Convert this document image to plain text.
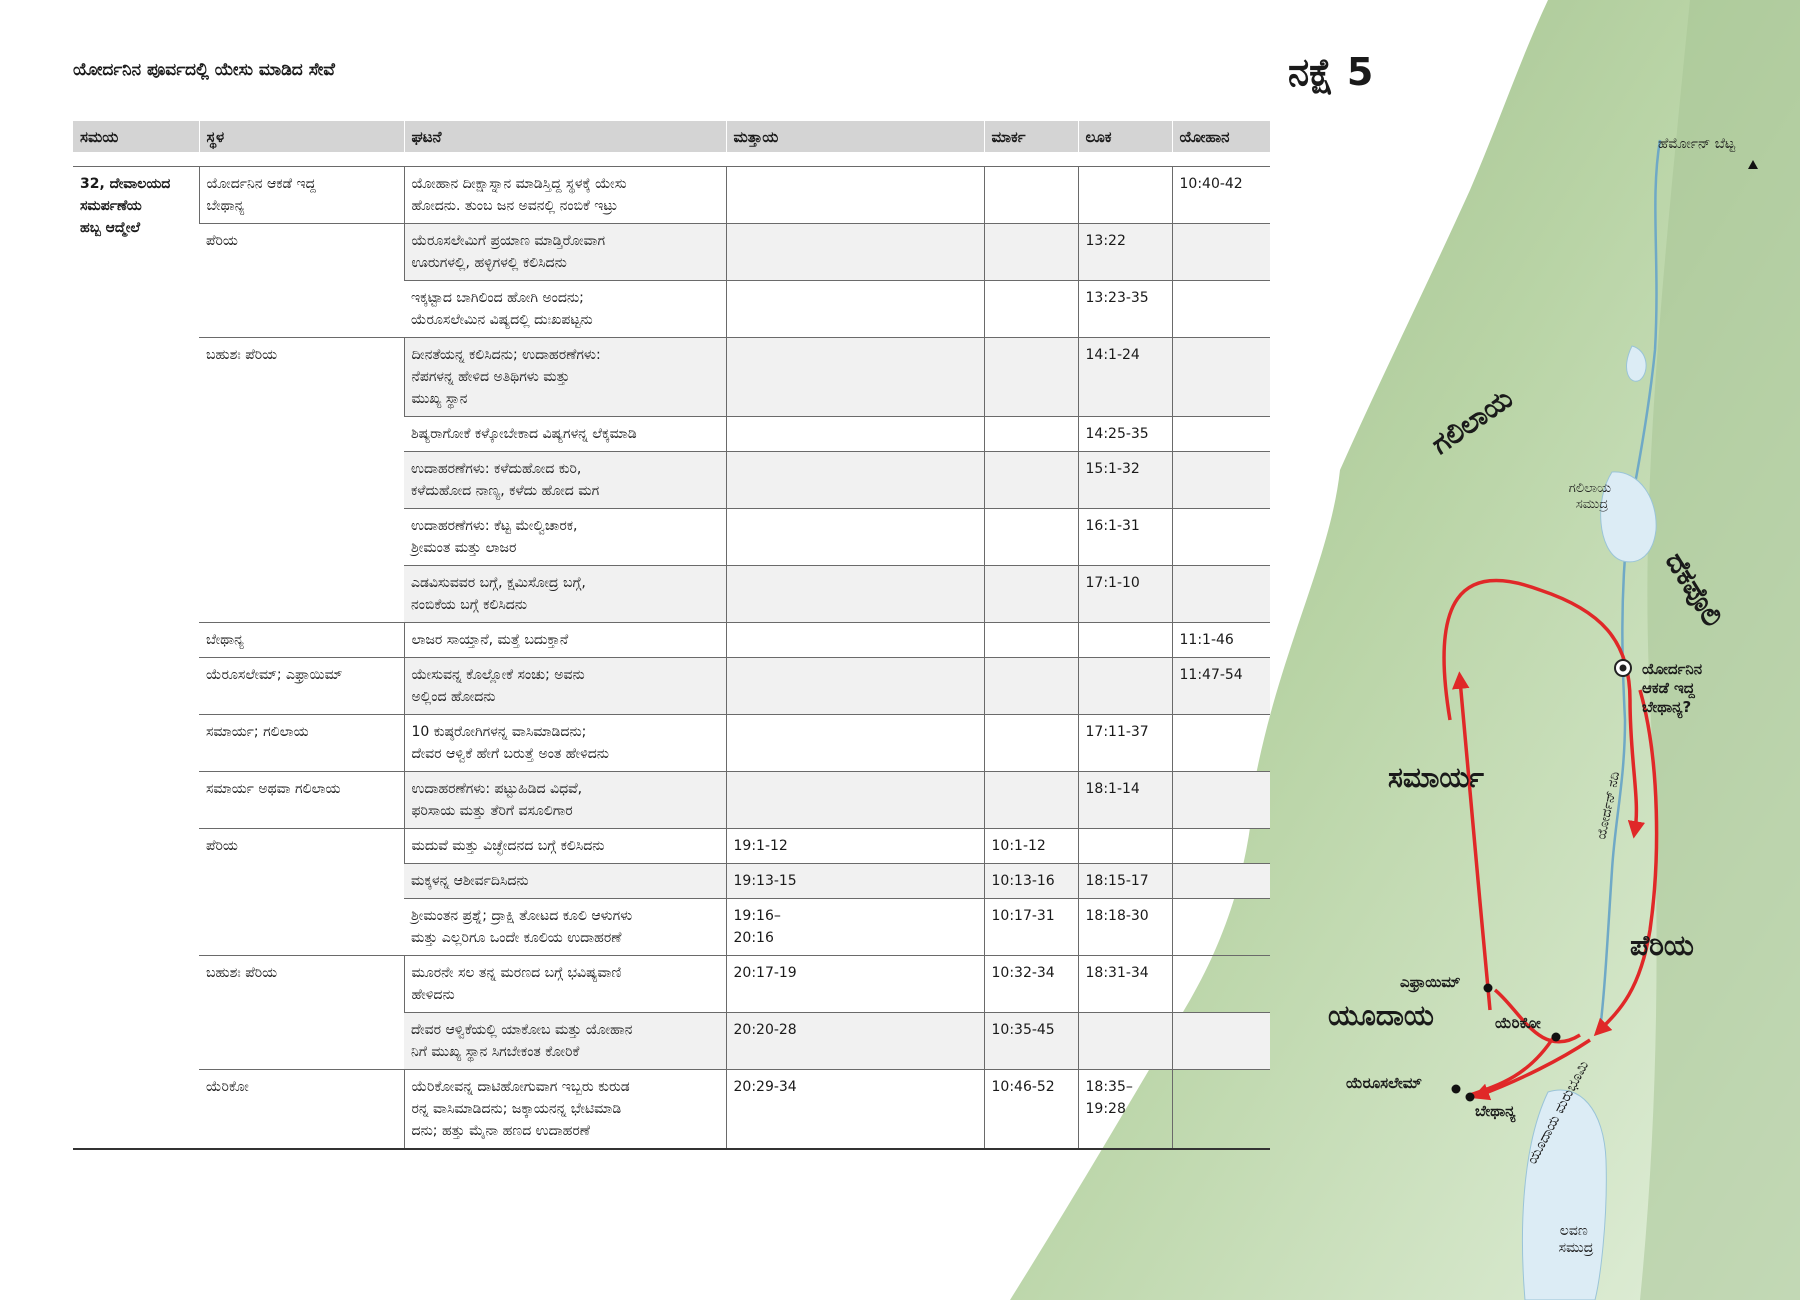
ಹೆರ್ಮೋನ್ ಬೆಟ್ಟ
ಗಲಿಲಾಯ
ಗಲಿಲಾಯ ಸಮುದ್ರ
ದೆಕಪೊಲಿ
ಯೋರ್ದನಿನ ಆಕಡೆ ಇದ್ದ ಬೇಥಾನ್ಯ?
ಸಮಾರ್ಯ	ಯೋರ್ದನ್ ನದಿ
ಪೆರಿಯ
ಎಫ್ರಾಯಿಮ್
ಯೂದಾಯ	ಯೆರಿಕೋ
ಯೆರೂಸಲೇಮ್
ಬೇಥಾನ್ಯ ಯೂದಾಯ ಮರುಭೂಮಿ
ಲವಣ ಸಮುದ್ರ
ಯೋರ್ದನಿನ ಪೂರ್ವದಲ್ಲಿ ಯೇಸು ಮಾಡಿದ ಸೇವೆ	ನಕ್ಷೆ 5
ಸಮಯ	ಸ್ಥಳ	ಘಟನೆ	ಮತ್ತಾಯ	ಮಾರ್ಕ	ಲೂಕ	ಯೋಹಾನ

32, ದೇವಾಲಯದ
ಸಮರ್ಪಣೆಯ
ಹಬ್ಬ ಆದ್ಮೇಲೆ	ಯೋರ್ದನಿನ ಆಕಡೆ ಇದ್ದ
ಬೇಥಾನ್ಯ	ಯೋಹಾನ ದೀಕ್ಷಾಸ್ನಾನ ಮಾಡಿಸ್ತಿದ್ದ ಸ್ಥಳಕ್ಕೆ ಯೇಸು
ಹೋದನು. ತುಂಬ ಜನ ಅವನಲ್ಲಿ ನಂಬಿಕೆ ಇಟ್ರು				10:40-42
	ಪೆರಿಯ	ಯೆರೂಸಲೇಮಿಗೆ ಪ್ರಯಾಣ ಮಾಡ್ತಿರೋವಾಗ
ಊರುಗಳಲ್ಲಿ, ಹಳ್ಳಿಗಳಲ್ಲಿ ಕಲಿಸಿದನು			13:22	
		ಇಕ್ಕಟ್ಟಾದ ಬಾಗಿಲಿಂದ ಹೋಗಿ ಅಂದನು;
ಯೆರೂಸಲೇಮಿನ ವಿಷ್ಯದಲ್ಲಿ ದುಃಖಪಟ್ಟನು			13:23-35	
	ಬಹುಶಃ ಪೆರಿಯ	ದೀನತೆಯನ್ನ ಕಲಿಸಿದನು; ಉದಾಹರಣೆಗಳು:
ನೆಪಗಳನ್ನ ಹೇಳಿದ ಅತಿಥಿಗಳು ಮತ್ತು
ಮುಖ್ಯ ಸ್ಥಾನ			14:1-24	
		ಶಿಷ್ಯರಾಗೋಕೆ ಕಳ್ಕೋಬೇಕಾದ ವಿಷ್ಯಗಳನ್ನ ಲೆಕ್ಕಮಾಡಿ			14:25-35	
		ಉದಾಹರಣೆಗಳು: ಕಳೆದುಹೋದ ಕುರಿ,
ಕಳೆದುಹೋದ ನಾಣ್ಯ, ಕಳೆದು ಹೋದ ಮಗ			15:1-32	
		ಉದಾಹರಣೆಗಳು: ಕೆಟ್ಟ ಮೇಲ್ವಿಚಾರಕ,
ಶ್ರೀಮಂತ ಮತ್ತು ಲಾಜರ			16:1-31	
		ಎಡವಿಸುವವರ ಬಗ್ಗೆ, ಕ್ಷಮಿಸೋದ್ರ ಬಗ್ಗೆ,
ನಂಬಿಕೆಯ ಬಗ್ಗೆ ಕಲಿಸಿದನು			17:1-10	
	ಬೇಥಾನ್ಯ	ಲಾಜರ ಸಾಯ್ತಾನೆ, ಮತ್ತೆ ಬದುಕ್ತಾನೆ				11:1-46
	ಯೆರೂಸಲೇಮ್; ಎಫ್ರಾಯಿಮ್	ಯೇಸುವನ್ನ ಕೊಲ್ಲೋಕೆ ಸಂಚು; ಅವನು
ಅಲ್ಲಿಂದ ಹೋದನು				11:47-54
	ಸಮಾರ್ಯ; ಗಲಿಲಾಯ	10 ಕುಷ್ಠರೋಗಿಗಳನ್ನ ವಾಸಿಮಾಡಿದನು;
ದೇವರ ಆಳ್ವಿಕೆ ಹೇಗೆ ಬರುತ್ತೆ ಅಂತ ಹೇಳಿದನು			17:11-37	
	ಸಮಾರ್ಯ ಅಥವಾ ಗಲಿಲಾಯ	ಉದಾಹರಣೆಗಳು: ಪಟ್ಟುಹಿಡಿದ ವಿಧವೆ,
ಫರಿಸಾಯ ಮತ್ತು ತೆರಿಗೆ ವಸೂಲಿಗಾರ			18:1-14	
	ಪೆರಿಯ	ಮದುವೆ ಮತ್ತು ವಿಚ್ಛೇದನದ ಬಗ್ಗೆ ಕಲಿಸಿದನು	19:1-12	10:1-12		
		ಮಕ್ಕಳನ್ನ ಆಶೀರ್ವದಿಸಿದನು	19:13-15	10:13-16	18:15-17	
		ಶ್ರೀಮಂತನ ಪ್ರಶ್ನೆ; ದ್ರಾಕ್ಷಿ ತೋಟದ ಕೂಲಿ ಆಳುಗಳು
ಮತ್ತು ಎಲ್ಲರಿಗೂ ಒಂದೇ ಕೂಲಿಯ ಉದಾಹರಣೆ	19:16–
20:16	10:17-31	18:18-30	
	ಬಹುಶಃ ಪೆರಿಯ	ಮೂರನೇ ಸಲ ತನ್ನ ಮರಣದ ಬಗ್ಗೆ ಭವಿಷ್ಯವಾಣಿ
ಹೇಳಿದನು	20:17-19	10:32-34	18:31-34	
		ದೇವರ ಆಳ್ವಿಕೆಯಲ್ಲಿ ಯಾಕೋಬ ಮತ್ತು ಯೋಹಾನ
ನಿಗೆ ಮುಖ್ಯ ಸ್ಥಾನ ಸಿಗಬೇಕಂತ ಕೋರಿಕೆ	20:20-28	10:35-45		
	ಯೆರಿಕೋ	ಯೆರಿಕೋವನ್ನ ದಾಟಿಹೋಗುವಾಗ ಇಬ್ಬರು ಕುರುಡ
ರನ್ನ ವಾಸಿಮಾಡಿದನು; ಜಕ್ಕಾಯನನ್ನ ಭೇಟಿಮಾಡಿ
ದನು; ಹತ್ತು ಮೈನಾ ಹಣದ ಉದಾಹರಣೆ	20:29-34	10:46-52	18:35–
19:28	
